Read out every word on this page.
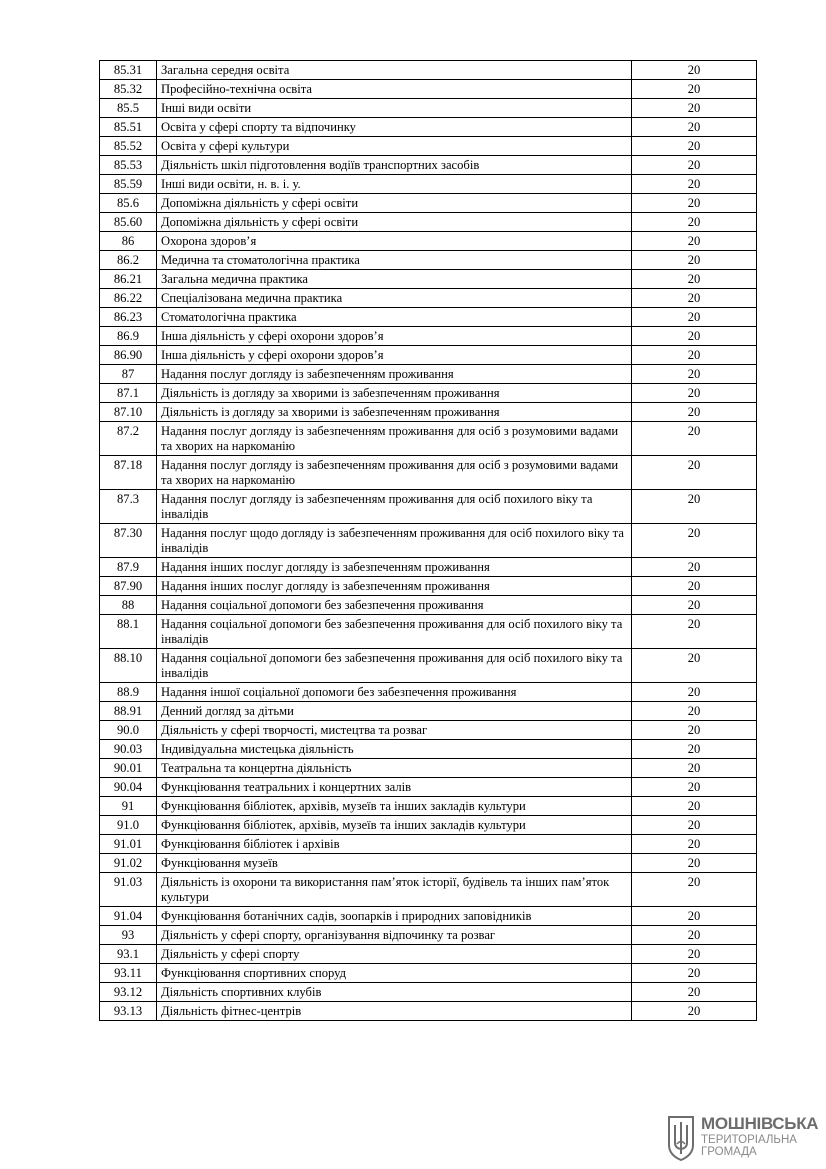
85.31	Загальна середня освіта	20
85.32	Професійно-технічна освіта	20
85.5	Інші види освіти	20
85.51	Освіта у сфері спорту та відпочинку	20
85.52	Освіта у сфері культури	20
85.53	Діяльність шкіл підготовлення водіїв транспортних засобів	20
85.59	Інші види освіти, н. в. і. у.	20
85.6	Допоміжна діяльність у сфері освіти	20
85.60	Допоміжна діяльність у сфері освіти	20
86	Охорона здоров’я	20
86.2	Медична та стоматологічна практика	20
86.21	Загальна медична практика	20
86.22	Спеціалізована медична практика	20
86.23	Стоматологічна практика	20
86.9	Інша діяльність у сфері охорони здоров’я	20
86.90	Інша діяльність у сфері охорони здоров’я	20
87	Надання послуг догляду із забезпеченням проживання	20
87.1	Діяльність із догляду за хворими із забезпеченням проживання	20
87.10	Діяльність із догляду за хворими із забезпеченням проживання	20
87.2	Надання послуг догляду із забезпеченням проживання для осіб з розумовими вадами та хворих на наркоманію	20
87.18	Надання послуг догляду із забезпеченням проживання для осіб з розумовими вадами та хворих на наркоманію	20
87.3	Надання послуг догляду із забезпеченням проживання для осіб похилого віку та інвалідів	20
87.30	Надання послуг щодо догляду із забезпеченням проживання для осіб похилого віку та інвалідів	20
87.9	Надання інших послуг догляду із забезпеченням проживання	20
87.90	Надання інших послуг догляду із забезпеченням проживання	20
88	Надання соціальної допомоги без забезпечення проживання	20
88.1	Надання соціальної допомоги без забезпечення проживання для осіб похилого віку та інвалідів	20
88.10	Надання соціальної допомоги без забезпечення проживання для осіб похилого віку та інвалідів	20
88.9	Надання іншої соціальної допомоги без забезпечення проживання	20
88.91	Денний догляд за дітьми	20
90.0	Діяльність у сфері творчості, мистецтва та розваг	20
90.03	Індивідуальна мистецька діяльність	20
90.01	Театральна та концертна діяльність	20
90.04	Функціювання театральних і концертних залів	20
91	Функціювання бібліотек, архівів, музеїв та інших закладів культури	20
91.0	Функціювання бібліотек, архівів, музеїв та інших закладів культури	20
91.01	Функціювання бібліотек і архівів	20
91.02	Функціювання музеїв	20
91.03	Діяльність із охорони та використання пам’яток історії, будівель та інших пам’яток культури	20
91.04	Функціювання ботанічних садів, зоопарків і природних заповідників	20
93	Діяльність у сфері спорту, організування відпочинку та розваг	20
93.1	Діяльність у сфері спорту	20
93.11	Функціювання спортивних споруд	20
93.12	Діяльність спортивних клубів	20
93.13	Діяльність фітнес-центрів	20
МОШНІВСЬКА
ТЕРИТОРІАЛЬНА
ГРОМАДА
